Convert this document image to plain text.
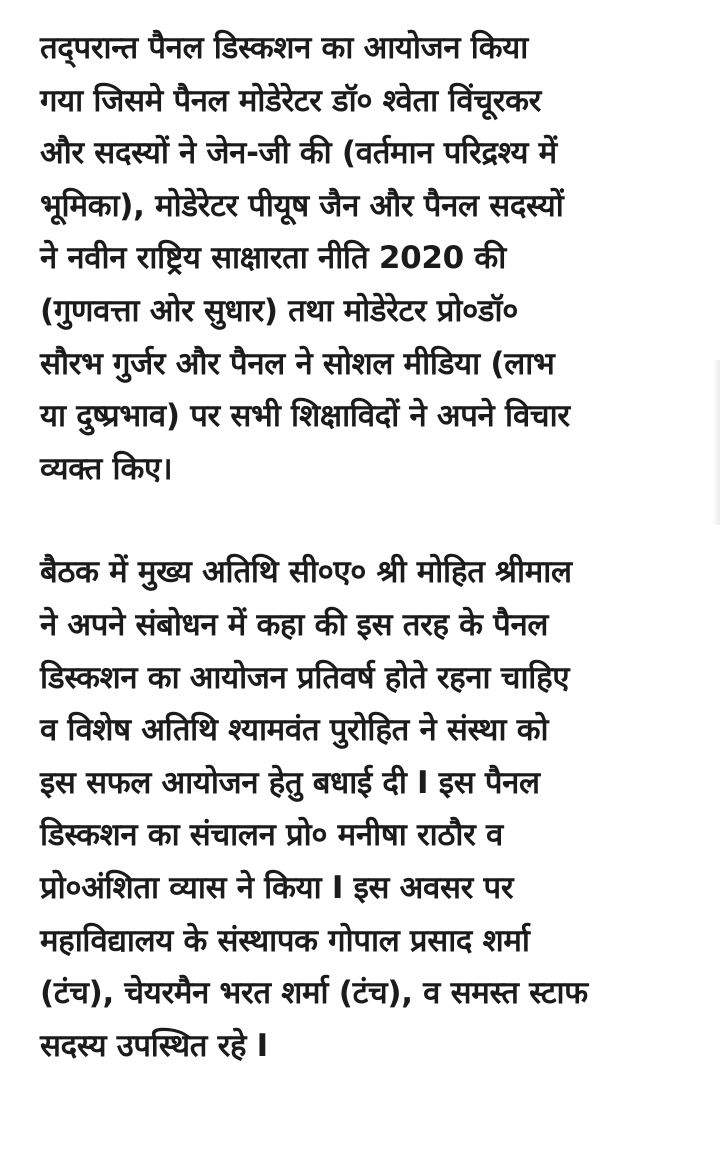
तद्परान्त पैनल डिस्कशन का आयोजन किया
गया जिसमे पैनल मोडेरेटर डॉ० श्वेता विंचूरकर
और सदस्यों ने जेन-जी की (वर्तमान परिद्रश्य में
भूमिका), मोडेरेटर पीयूष जैन और पैनल सदस्यों
ने नवीन राष्ट्रिय साक्षारता नीति 2020 की
(गुणवत्ता ओर सुधार) तथा मोडेरेटर प्रो०डॉ०
सौरभ गुर्जर और पैनल ने सोशल मीडिया (लाभ
या दुष्प्रभाव) पर सभी शिक्षाविदों ने अपने विचार
व्यक्त किए।

बैठक में मुख्य अतिथि सी०ए० श्री मोहित श्रीमाल
ने अपने संबोधन में कहा की इस तरह के पैनल
डिस्कशन का आयोजन प्रतिवर्ष होते रहना चाहिए
व विशेष अतिथि श्यामवंत पुरोहित ने संस्था को
इस सफल आयोजन हेतु बधाई दी I इस पैनल
डिस्कशन का संचालन प्रो० मनीषा राठौर व
प्रो०अंशिता व्यास ने किया I इस अवसर पर
महाविद्यालय के संस्थापक गोपाल प्रसाद शर्मा
(टंच), चेयरमैन भरत शर्मा (टंच), व समस्त स्टाफ
सदस्य उपस्थित रहे I
